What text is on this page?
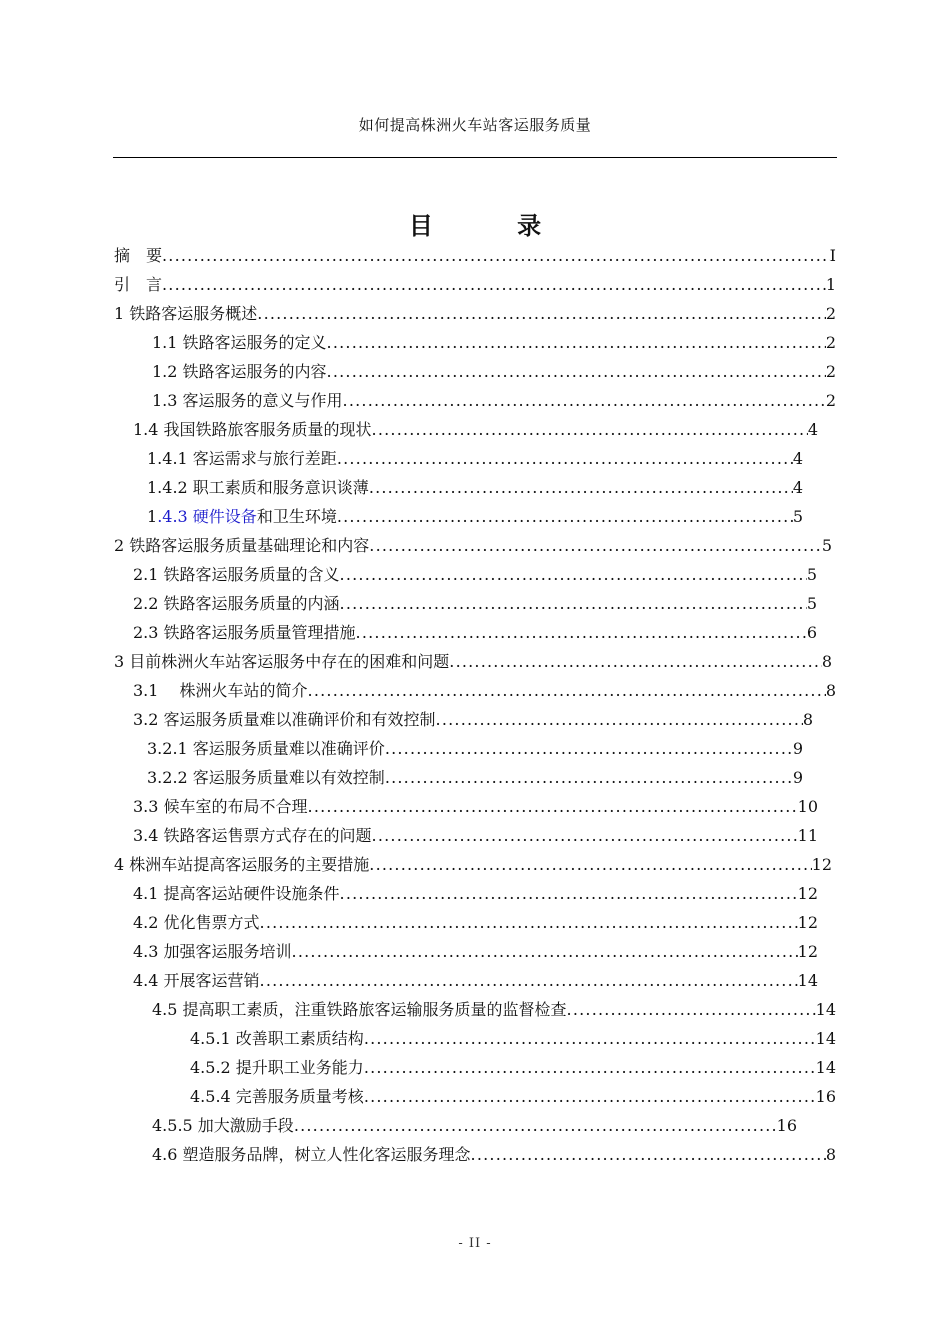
如何提高株洲火车站客运服务质量
目 录
摘　要 .....	I
引　言 .....	1
1 铁路客运服务概述 .....	2
1.1 铁路客运服务的定义 .....	2
1.2 铁路客运服务的内容 .....	2
1.3 客运服务的意义与作用 .....	2
1.4 我国铁路旅客服务质量的现状 .....	4
1.4.1 客运需求与旅行差距 .....	4
1.4.2 职工素质和服务意识谈薄 .....	4
1.4.3 硬件设备和卫生环境 .....	5
2 铁路客运服务质量基础理论和内容 .....	5
2.1 铁路客运服务质量的含义 .....	5
2.2 铁路客运服务质量的内涵 .....	5
2.3 铁路客运服务质量管理措施 .....	6
3 目前株洲火车站客运服务中存在的困难和问题 .....	8
3.1　 株洲火车站的简介 .....	8
3.2 客运服务质量难以准确评价和有效控制 .....	8
3.2.1 客运服务质量难以准确评价 .....	9
3.2.2 客运服务质量难以有效控制 .....	9
3.3 候车室的布局不合理 .....	10
3.4 铁路客运售票方式存在的问题 .....	11
4 株洲车站提高客运服务的主要措施 .....	12
4.1 提高客运站硬件设施条件 .....	12
4.2 优化售票方式 .....	12
4.3 加强客运服务培训 .....	12
4.4 开展客运营销 .....	14
4.5 提高职工素质，注重铁路旅客运输服务质量的监督检查 .....	14
4.5.1 改善职工素质结构 .....	14
4.5.2 提升职工业务能力 .....	14
4.5.4 完善服务质量考核 .....	16
4.5.5 加大激励手段 .....	16
4.6 塑造服务品牌，树立人性化客运服务理念 .....	8
- II -
